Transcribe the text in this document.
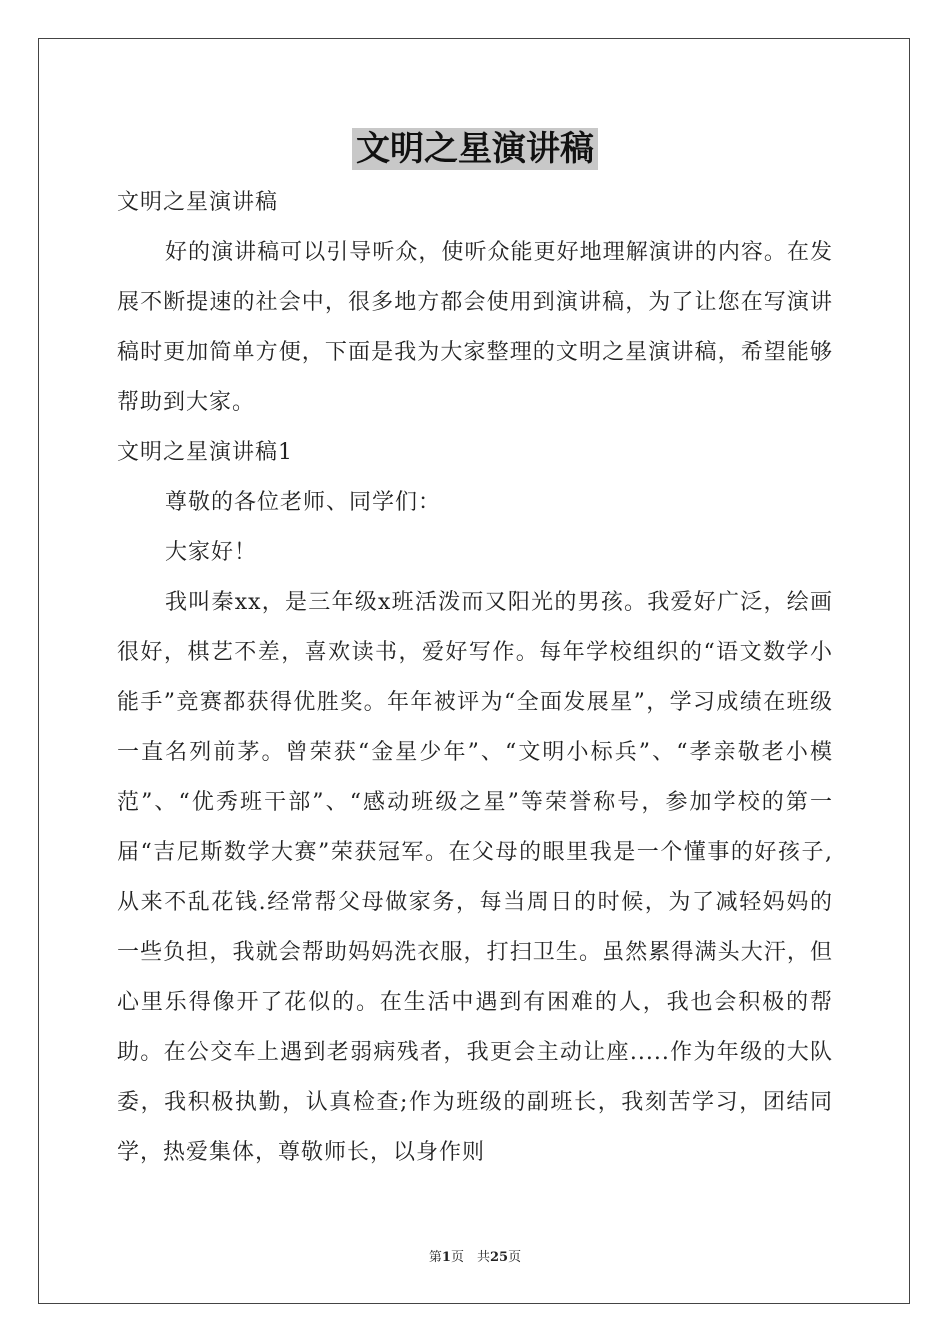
文明之星演讲稿

文明之星演讲稿

好的演讲稿可以引导听众，使听众能更好地理解演讲的内容。在发展不断提速的社会中，很多地方都会使用到演讲稿，为了让您在写演讲稿时更加简单方便，下面是我为大家整理的文明之星演讲稿，希望能够帮助到大家。

文明之星演讲稿1

尊敬的各位老师、同学们：

大家好！

我叫秦xx，是三年级x班活泼而又阳光的男孩。我爱好广泛，绘画很好，棋艺不差，喜欢读书，爱好写作。每年学校组织的“语文数学小能手”竞赛都获得优胜奖。年年被评为“全面发展星”，学习成绩在班级一直名列前茅。曾荣获“金星少年”、“文明小标兵”、“孝亲敬老小模范”、“优秀班干部”、“感动班级之星”等荣誉称号，参加学校的第一届“吉尼斯数学大赛”荣获冠军。在父母的眼里我是一个懂事的好孩子,从来不乱花钱.经常帮父母做家务，每当周日的时候，为了减轻妈妈的一些负担，我就会帮助妈妈洗衣服，打扫卫生。虽然累得满头大汗，但心里乐得像开了花似的。在生活中遇到有困难的人，我也会积极的帮助。在公交车上遇到老弱病残者，我更会主动让座.....作为年级的大队委，我积极执勤，认真检查;作为班级的副班长，我刻苦学习，团结同学，热爱集体，尊敬师长，以身作则

第1页　共25页
